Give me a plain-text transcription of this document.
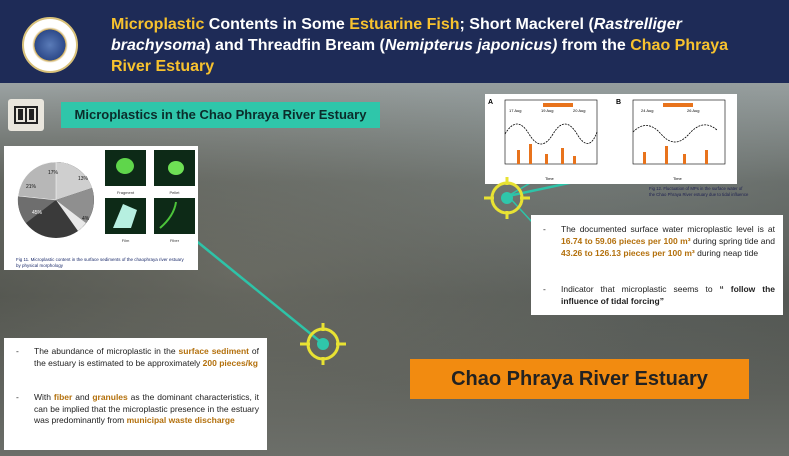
Microplastic Contents in Some Estuarine Fish; Short Mackerel (Rastrelliger brachysoma) and Threadfin Bream (Nemipterus japonicus) from the Chao Phraya River Estuary
Microplastics in the Chao Phraya River Estuary
17%
13%
4%
45%
21%
Fragment	Pellet
Film	Fiber
Fig 11. Microplastic content in the surface sediments of the chaophraya river estuary by physical morphology
A
17 Aug	19 Aug	20 Aug
Time
B
24 Aug	26 Aug
Time
Fig 12. Fluctuation of MPs in the surface water of the Chao Phraya River estuary due to tidal influence
- The documented surface water microplastic level is at 16.74 to 59.06 pieces per 100 m³ during spring tide and 43.26 to 126.13 pieces per 100 m³ during neap tide
- Indicator that microplastic seems to “ follow the influence of tidal forcing”
- The abundance of microplastic in the surface sediment of the estuary is estimated to be approximately 200 pieces/kg
- With fiber and granules as the dominant characteristics, it can be implied that the microplastic presence in the estuary was predominantly from municipal waste discharge
Chao Phraya River Estuary
